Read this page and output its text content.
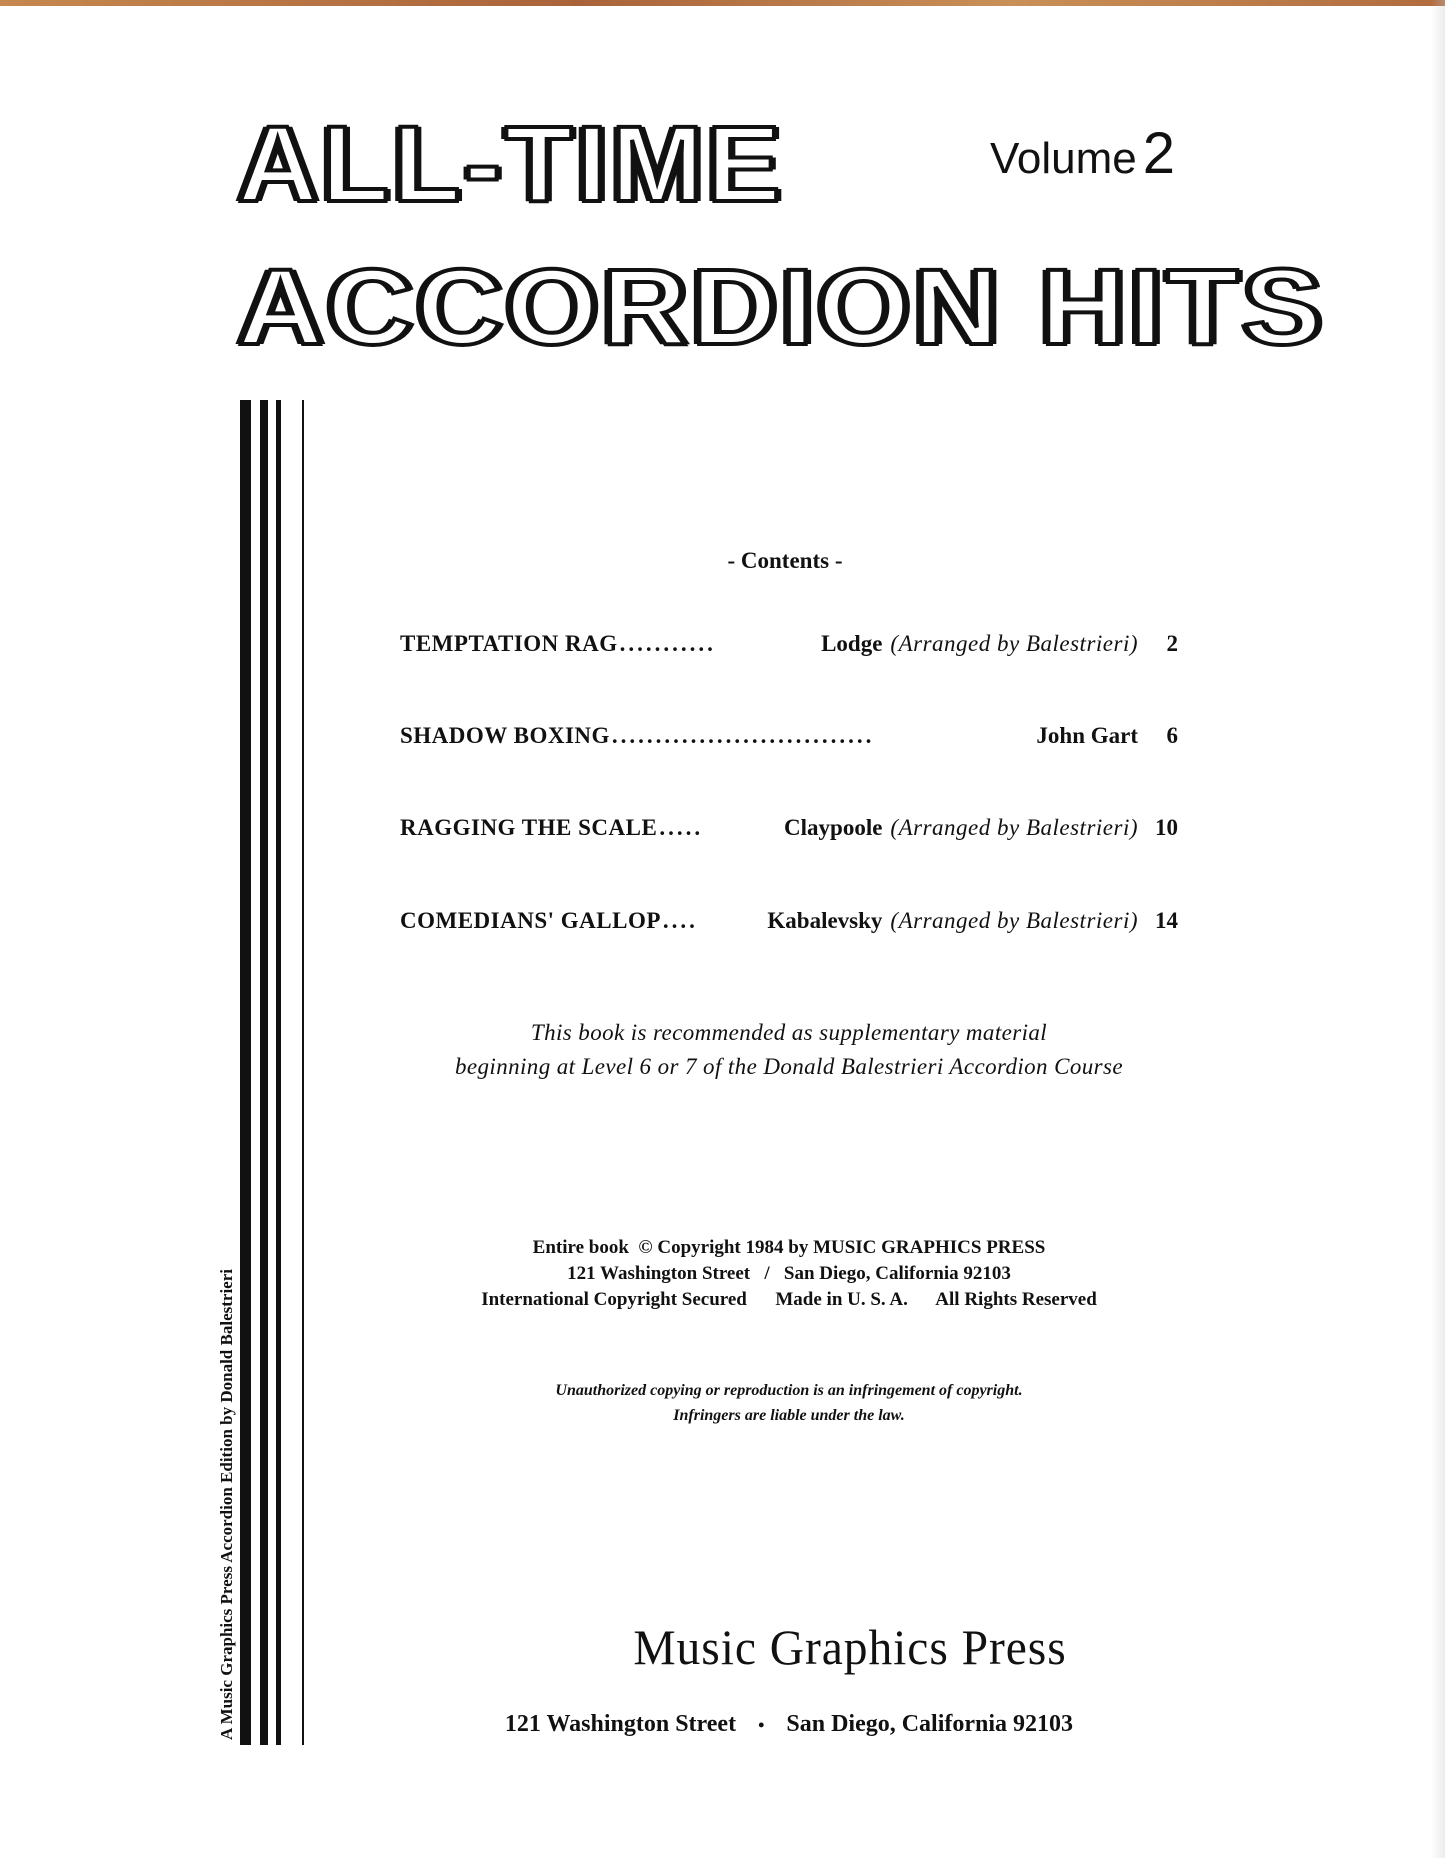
ALL-TIME
ACCORDION HITS
Volume 2
A Music Graphics Press Accordion Edition by Donald Balestrieri
- Contents -
TEMPTATION RAG ...........	Lodge (Arranged by Balestrieri)	2
SHADOW BOXING ..............................	John Gart	6
RAGGING THE SCALE .....	Claypoole (Arranged by Balestrieri) 10
COMEDIANS' GALLOP ....	Kabalevsky (Arranged by Balestrieri) 14
This book is recommended as supplementary material
beginning at Level 6 or 7 of the Donald Balestrieri Accordion Course
Entire book  © Copyright 1984 by MUSIC GRAPHICS PRESS
121 Washington Street   /   San Diego, California 92103
International Copyright Secured      Made in U. S. A.      All Rights Reserved
Unauthorized copying or reproduction is an infringement of copyright.
Infringers are liable under the law.
Music Graphics Press
121 Washington Street • San Diego, California 92103
